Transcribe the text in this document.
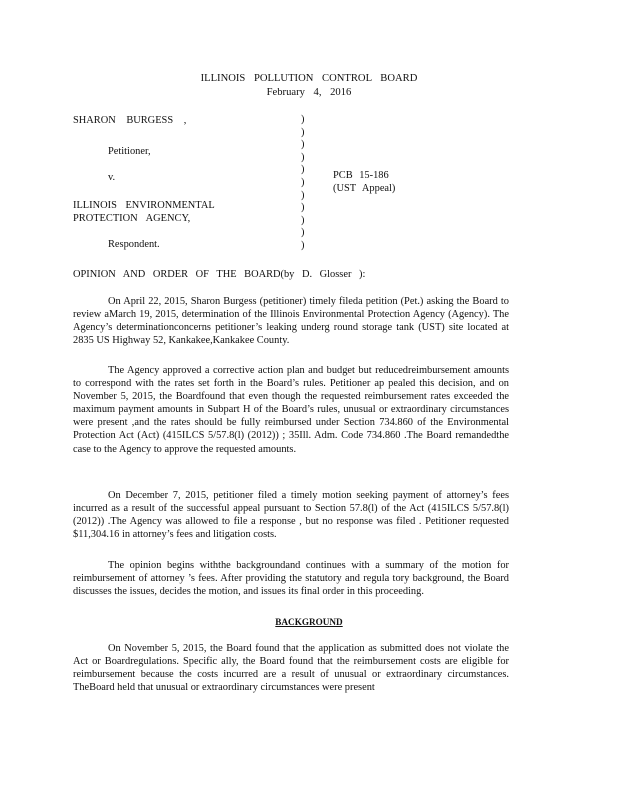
ILLINOIS POLLUTION CONTROL BOARD
February 4, 2016
SHARON BURGESS ,
Petitioner,
v.
ILLINOIS ENVIRONMENTAL
PROTECTION AGENCY,
Respondent.
)
)
)
)
)
)
)
)
)
)
)
PCB 15-186
(UST Appeal)
OPINION AND ORDER OF THE BOARD(by D. Glosser ):

On April 22, 2015, Sharon Burgess (petitioner) timely fileda petition (Pet.) asking the Board to review aMarch 19, 2015, determination of the Illinois Environmental Protection Agency (Agency). The Agency’s determinationconcerns petitioner’s leaking underg round storage tank (UST) site located at 2835 US Highway 52, Kankakee,Kankakee County.

The Agency approved a corrective action plan and budget but reducedreimbursement amounts to correspond with the rates set forth in the Board’s rules. Petitioner ap pealed this decision, and on November 5, 2015, the Boardfound that even though the requested reimbursement rates exceeded the maximum payment amounts in Subpart H of the Board’s rules, unusual or extraordinary circumstances were present ,and the rates should be fully reimbursed under Section 734.860 of the Environmental Protection Act (Act) (415ILCS 5/57.8(l) (2012)) ; 35Ill. Adm. Code 734.860 .The Board remandedthe case to the Agency to approve the requested amounts.

On December 7, 2015, petitioner filed a timely motion seeking payment of attorney’s fees incurred as a result of the successful appeal pursuant to Section 57.8(l) of the Act (415ILCS 5/57.8(l) (2012)) .The Agency was allowed to file a response , but no response was filed . Petitioner requested $11,304.16 in attorney’s fees and litigation costs.

The opinion begins withthe backgroundand continues with a summary of the motion for reimbursement of attorney ’s fees. After providing the statutory and regula tory background, the Board discusses the issues, decides the motion, and issues its final order in this proceeding.

BACKGROUND

On November 5, 2015, the Board found that the application as submitted does not violate the Act or Boardregulations. Specific ally, the Board found that the reimbursement costs are eligible for reimbursement because the costs incurred are a result of unusual or extraordinary circumstances. TheBoard held that unusual or extraordinary circumstances were present
